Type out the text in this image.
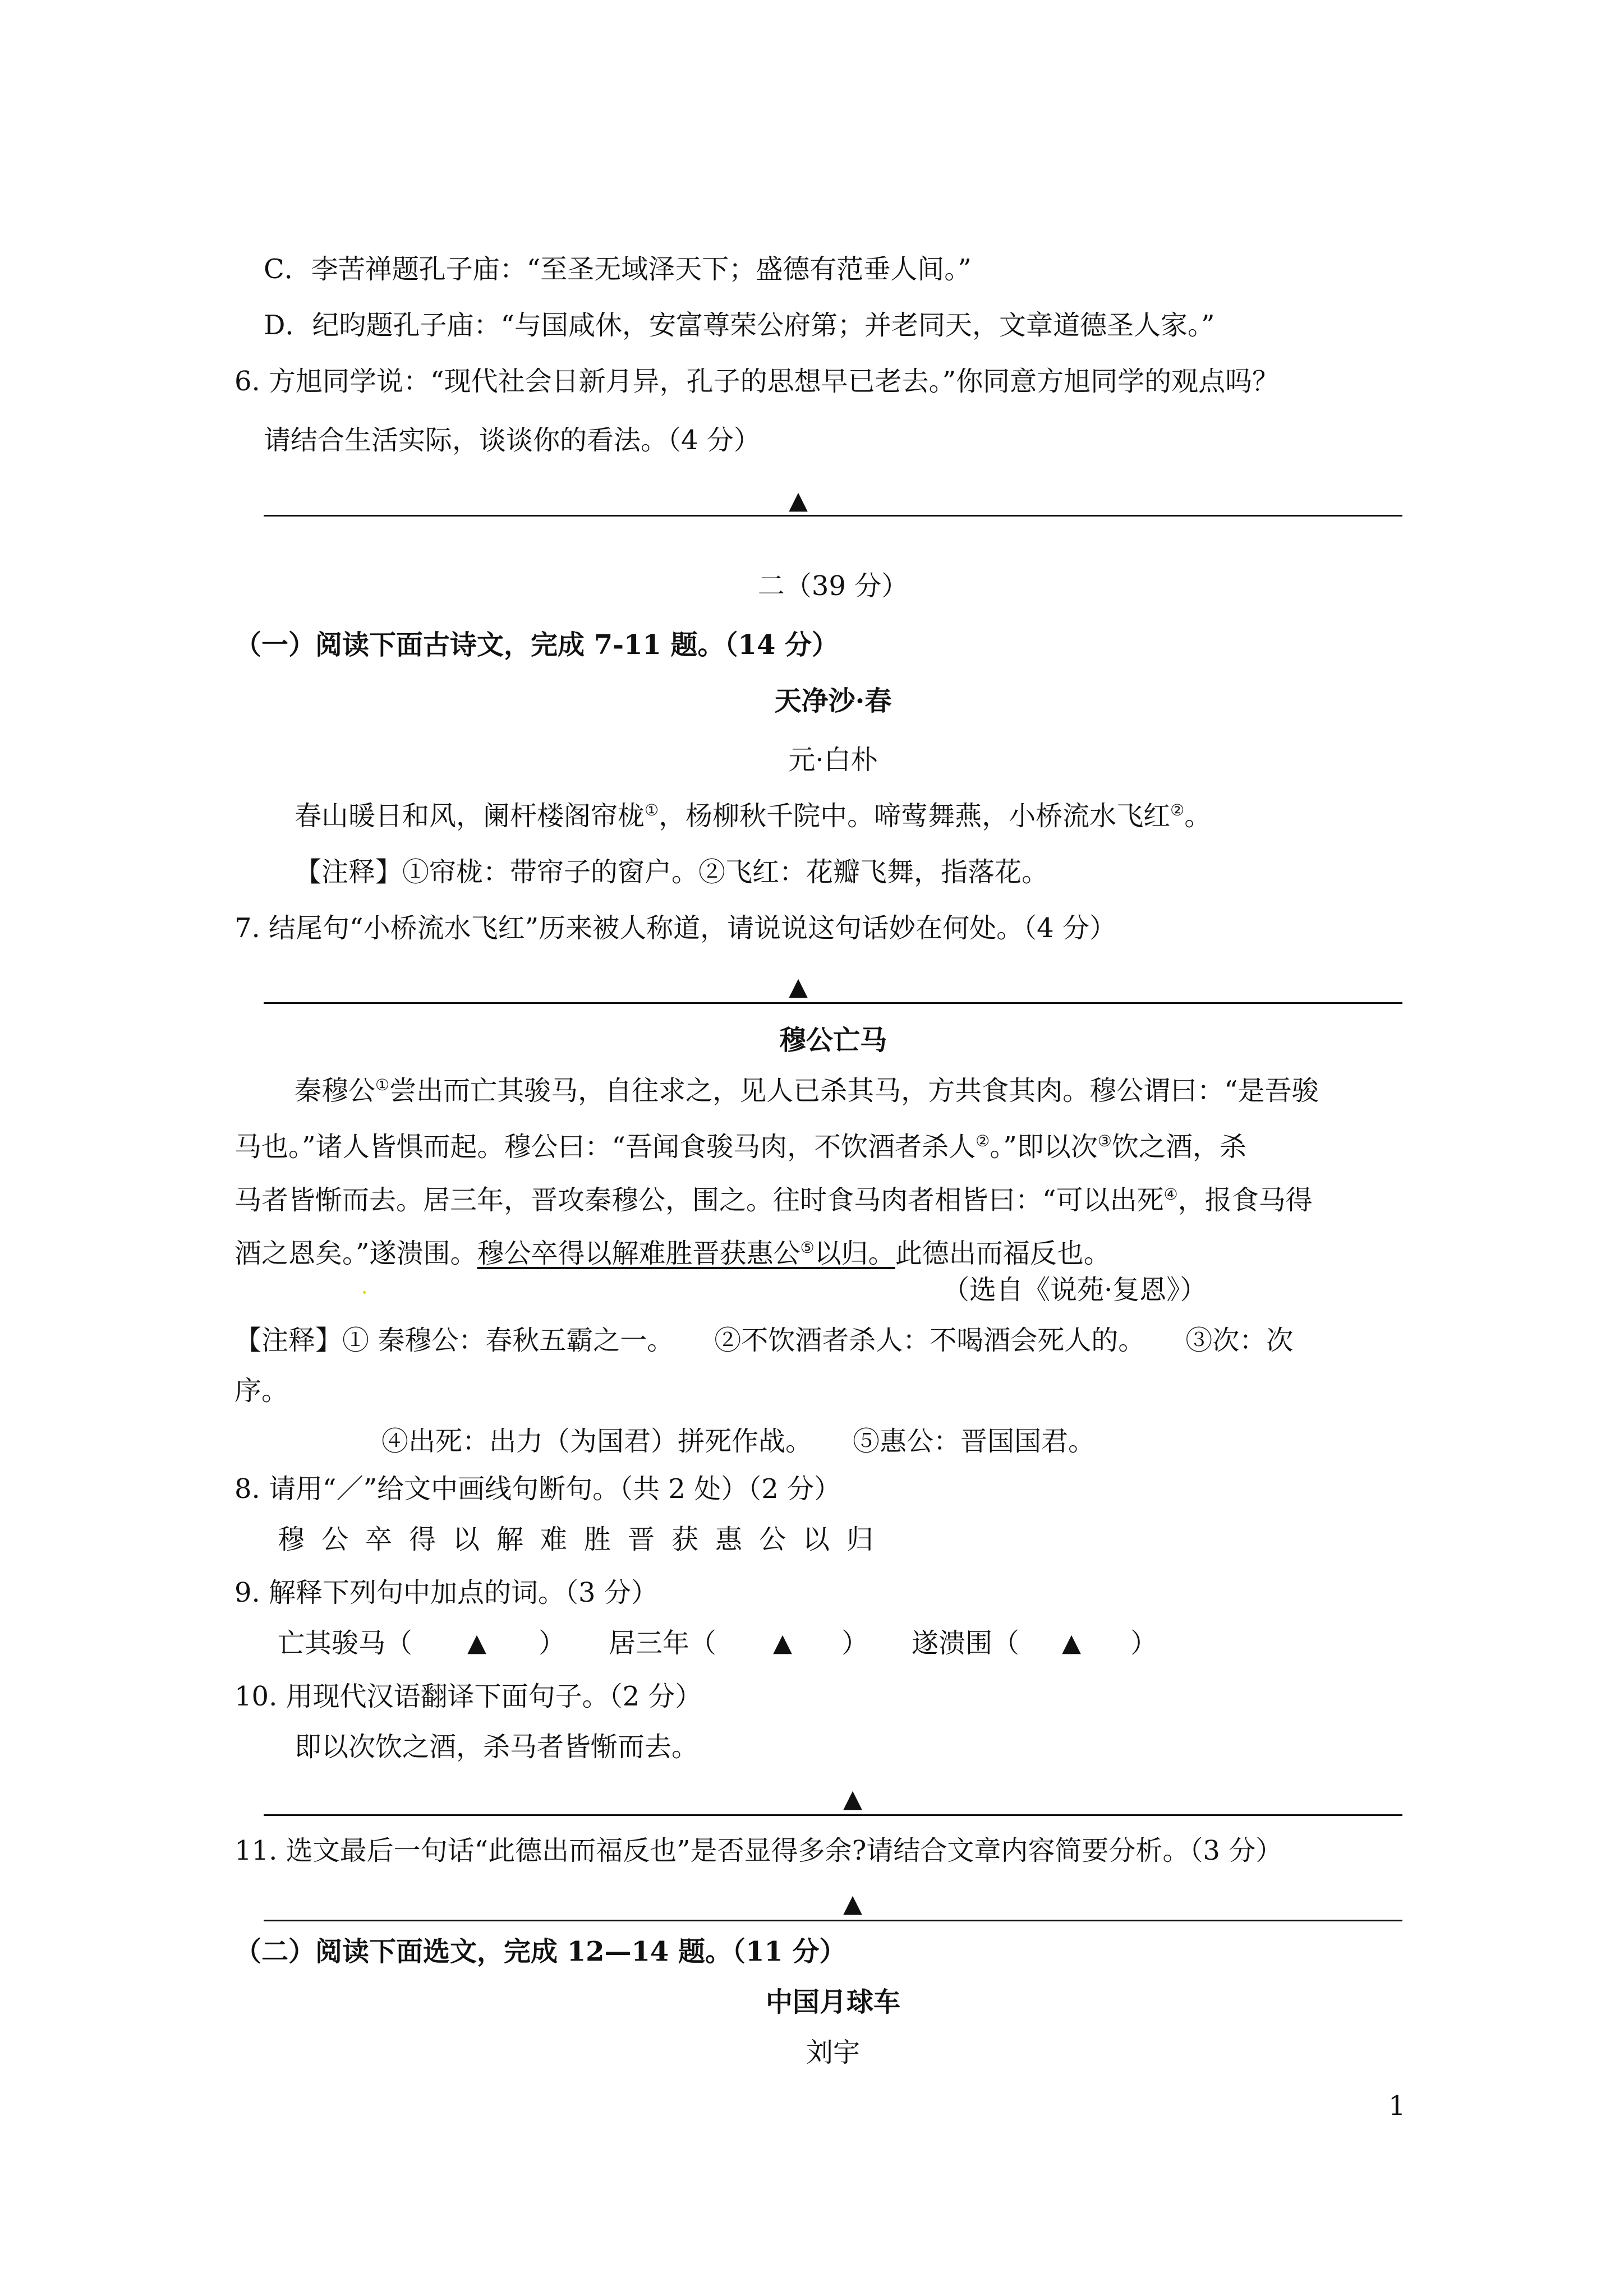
C．李苦禅题孔子庙：“至圣无域泽天下；盛德有范垂人间。”
D．纪昀题孔子庙：“与国咸休，安富尊荣公府第；并老同天，文章道德圣人家。”
6. 方旭同学说：“现代社会日新月异，孔子的思想早已老去。”你同意方旭同学的观点吗？
请结合生活实际，谈谈你的看法。（4 分）
▲
二（39 分）
（一）阅读下面古诗文，完成 7-11 题。（14 分）
天净沙·春
元·白朴
春山暖日和风，阑杆楼阁帘栊①，杨柳秋千院中。啼莺舞燕，小桥流水飞红②。
【注释】①帘栊：带帘子的窗户。②飞红：花瓣飞舞，指落花。
7. 结尾句“小桥流水飞红”历来被人称道，请说说这句话妙在何处。（4 分）
▲
穆公亡马
秦穆公①尝出而亡其骏马，自往求之，见人已杀其马，方共食其肉。穆公谓曰：“是吾骏
马也。”诸人皆惧而起。穆公曰：“吾闻食骏马肉，不饮酒者杀人②。”即以次③饮之酒，杀
马者皆惭而去。居三年，晋攻秦穆公，围之。往时食马肉者相皆曰：“可以出死④，报食马得
酒之恩矣。”遂溃围。穆公卒得以解难胜晋获惠公⑤以归。此德出而福反也。
（选自《说苑·复恩》）
【注释】① 秦穆公：春秋五霸之一。　　②不饮酒者杀人：不喝酒会死人的。　　③次：次
序。
④出死：出力（为国君）拼死作战。　　⑤惠公：晋国国君。
8. 请用“／”给文中画线句断句。（共 2 处）（2 分）
穆公卒得以解难胜晋获惠公以归
9. 解释下列句中加点的词。（3 分）
亡其骏马（ ▲ ） 居三年（ ▲ ） 遂溃围（ ▲ ）
10. 用现代汉语翻译下面句子。（2 分）
即以次饮之酒，杀马者皆惭而去。
▲
11. 选文最后一句话“此德出而福反也”是否显得多余?请结合文章内容简要分析。（3 分）
▲
（二）阅读下面选文，完成 12—14 题。（11 分）
中国月球车
刘宇
1
